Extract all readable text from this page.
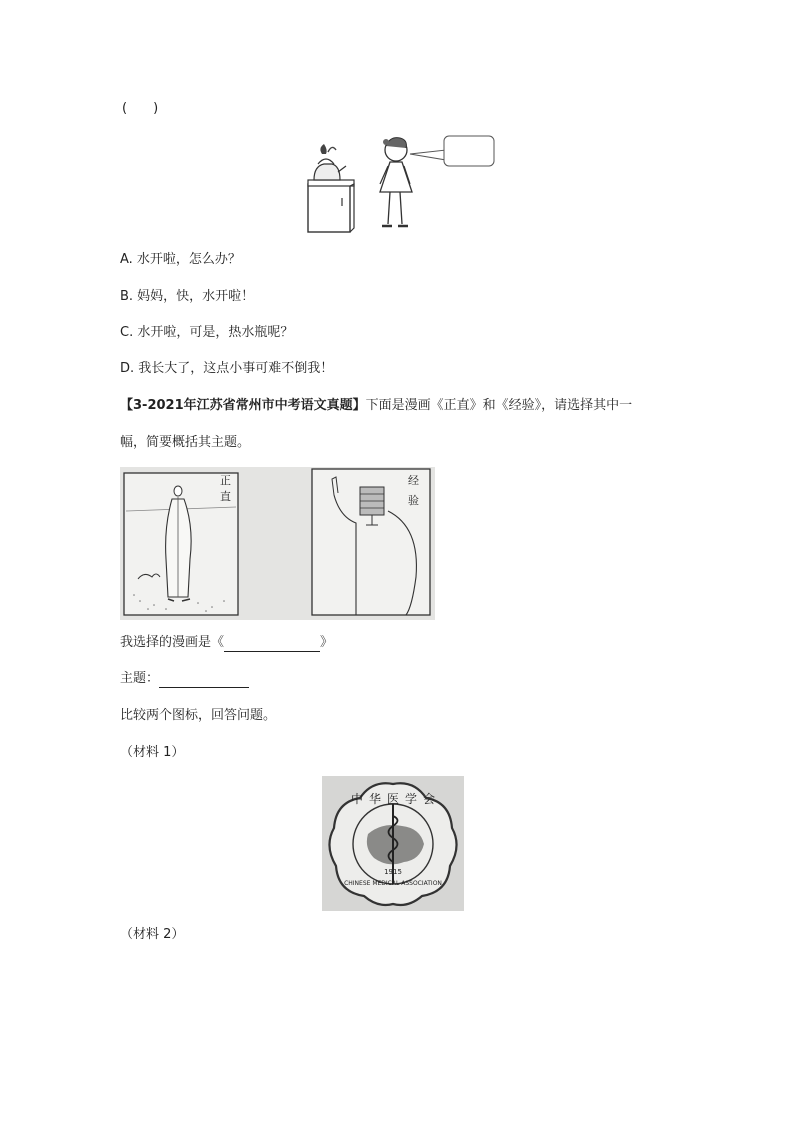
(　　)
A. 水开啦，怎么办？
B. 妈妈，快，水开啦！
C. 水开啦，可是，热水瓶呢？
D. 我长大了，这点小事可难不倒我！
【3-2021年江苏省常州市中考语文真题】下面是漫画《正直》和《经验》，请选择其中一
幅，简要概括其主题。
正直
经验
我选择的漫画是《	》
主题：
比较两个图标，回答问题。
（材料 1）
中华医学会
CHINESE MEDICAL ASSOCIATION
1915
（材料 2）
